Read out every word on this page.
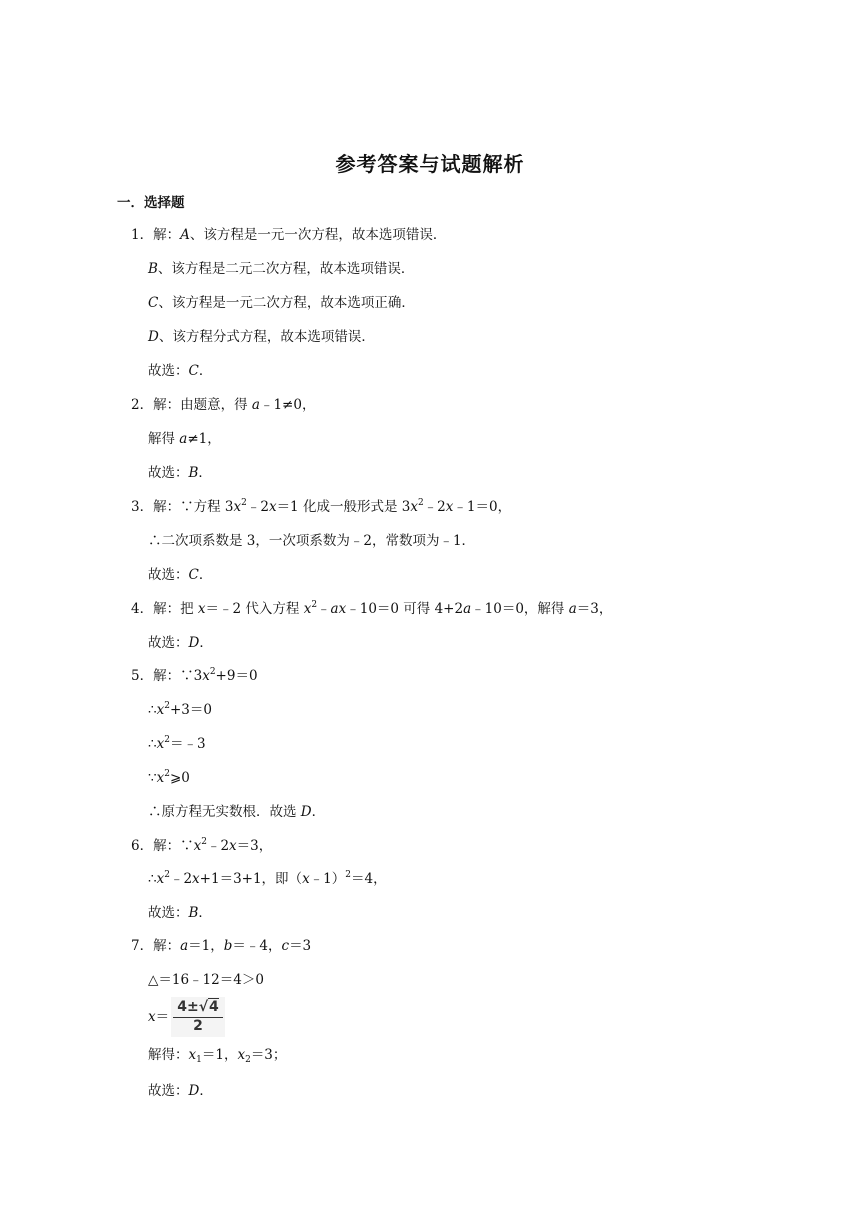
参考答案与试题解析
一．选择题
1．解：A、该方程是一元一次方程，故本选项错误．
B、该方程是二元二次方程，故本选项错误．
C、该方程是一元二次方程，故本选项正确．
D、该方程分式方程，故本选项错误．
故选：C．
2．解：由题意，得 a﹣1≠0，
解得 a≠1，
故选：B．
3．解：∵方程 $3x^2﹣2x=1$ 化成一般形式是 $3x^2﹣2x﹣1=0$，
∴二次项系数是 3，一次项系数为﹣2，常数项为﹣1．
故选：C．
4．解：把 x＝﹣2 代入方程 $x^2﹣ax﹣10=0$ 可得 4+2a﹣10＝0，解得 a＝3，
故选：D．
5．解：$\because 3x^2+9=0$
$\therefore x^2+3=0$
$\therefore x^2=﹣3$
$\because x^2⩾0$
∴原方程无实数根．故选 D．
6．解：$\because x^2﹣2x=3$，
$\therefore x^2﹣2x+1=3+1$，即（x﹣1）$^2$＝4，
故选：B．
7．解：a＝1，b＝﹣4，c＝3
△＝16﹣12＝4＞0
x＝
4±√4
2
解得：$x_1=1$，$x_2=3$；
故选：D．
